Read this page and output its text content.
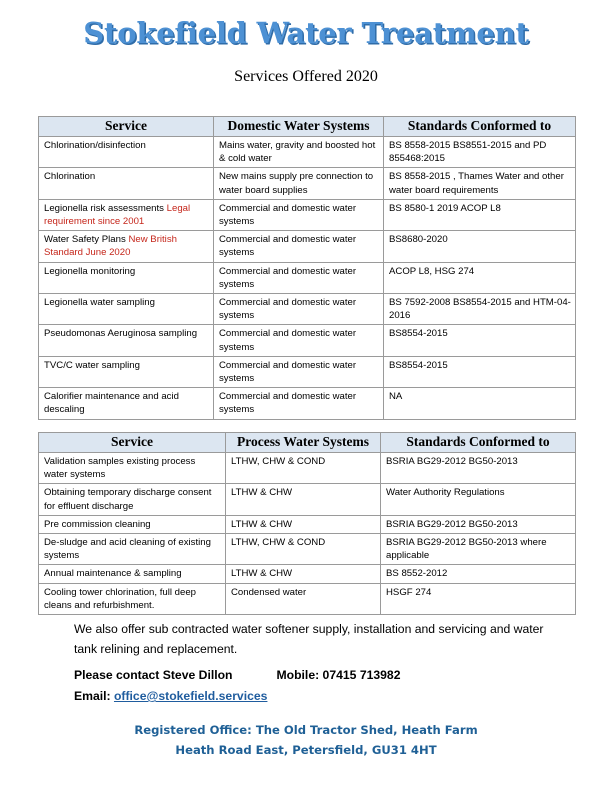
Stokefield Water Treatment
Services Offered 2020
Service	Domestic Water Systems	Standards Conformed to
Chlorination/disinfection	Mains water, gravity and boosted hot & cold water	BS 8558-2015 BS8551-2015 and PD 855468:2015
Chlorination	New mains supply pre connection to water board supplies	BS 8558-2015 , Thames Water and other water board requirements
Legionella risk assessments Legal requirement since 2001	Commercial and domestic water systems	BS 8580-1 2019 ACOP L8
Water Safety Plans New British Standard June 2020	Commercial and domestic water systems	BS8680-2020
Legionella monitoring	Commercial and domestic water systems	ACOP L8, HSG 274
Legionella water sampling	Commercial and domestic water systems	BS 7592-2008 BS8554-2015 and HTM-04-2016
Pseudomonas Aeruginosa sampling	Commercial and domestic water systems	BS8554-2015
TVC/C water sampling	Commercial and domestic water systems	BS8554-2015
Calorifier maintenance and acid descaling	Commercial and domestic water systems	NA
Service	Process Water Systems	Standards Conformed to
Validation samples existing process water systems	LTHW, CHW & COND	BSRIA BG29-2012 BG50-2013
Obtaining temporary discharge consent for effluent discharge	LTHW & CHW	Water Authority Regulations
Pre commission cleaning	LTHW & CHW	BSRIA BG29-2012 BG50-2013
De-sludge and acid cleaning of existing systems	LTHW, CHW & COND	BSRIA BG29-2012 BG50-2013 where applicable
Annual maintenance & sampling	LTHW & CHW	BS 8552-2012
Cooling tower chlorination, full deep cleans and refurbishment.	Condensed water	HSGF 274
We also offer sub contracted water softener supply, installation and servicing and water tank relining and replacement.
Please contact Steve Dillon	Mobile: 07415 713982
Email: office@stokefield.services
Registered Office: The Old Tractor Shed, Heath Farm
Heath Road East, Petersfield, GU31 4HT
